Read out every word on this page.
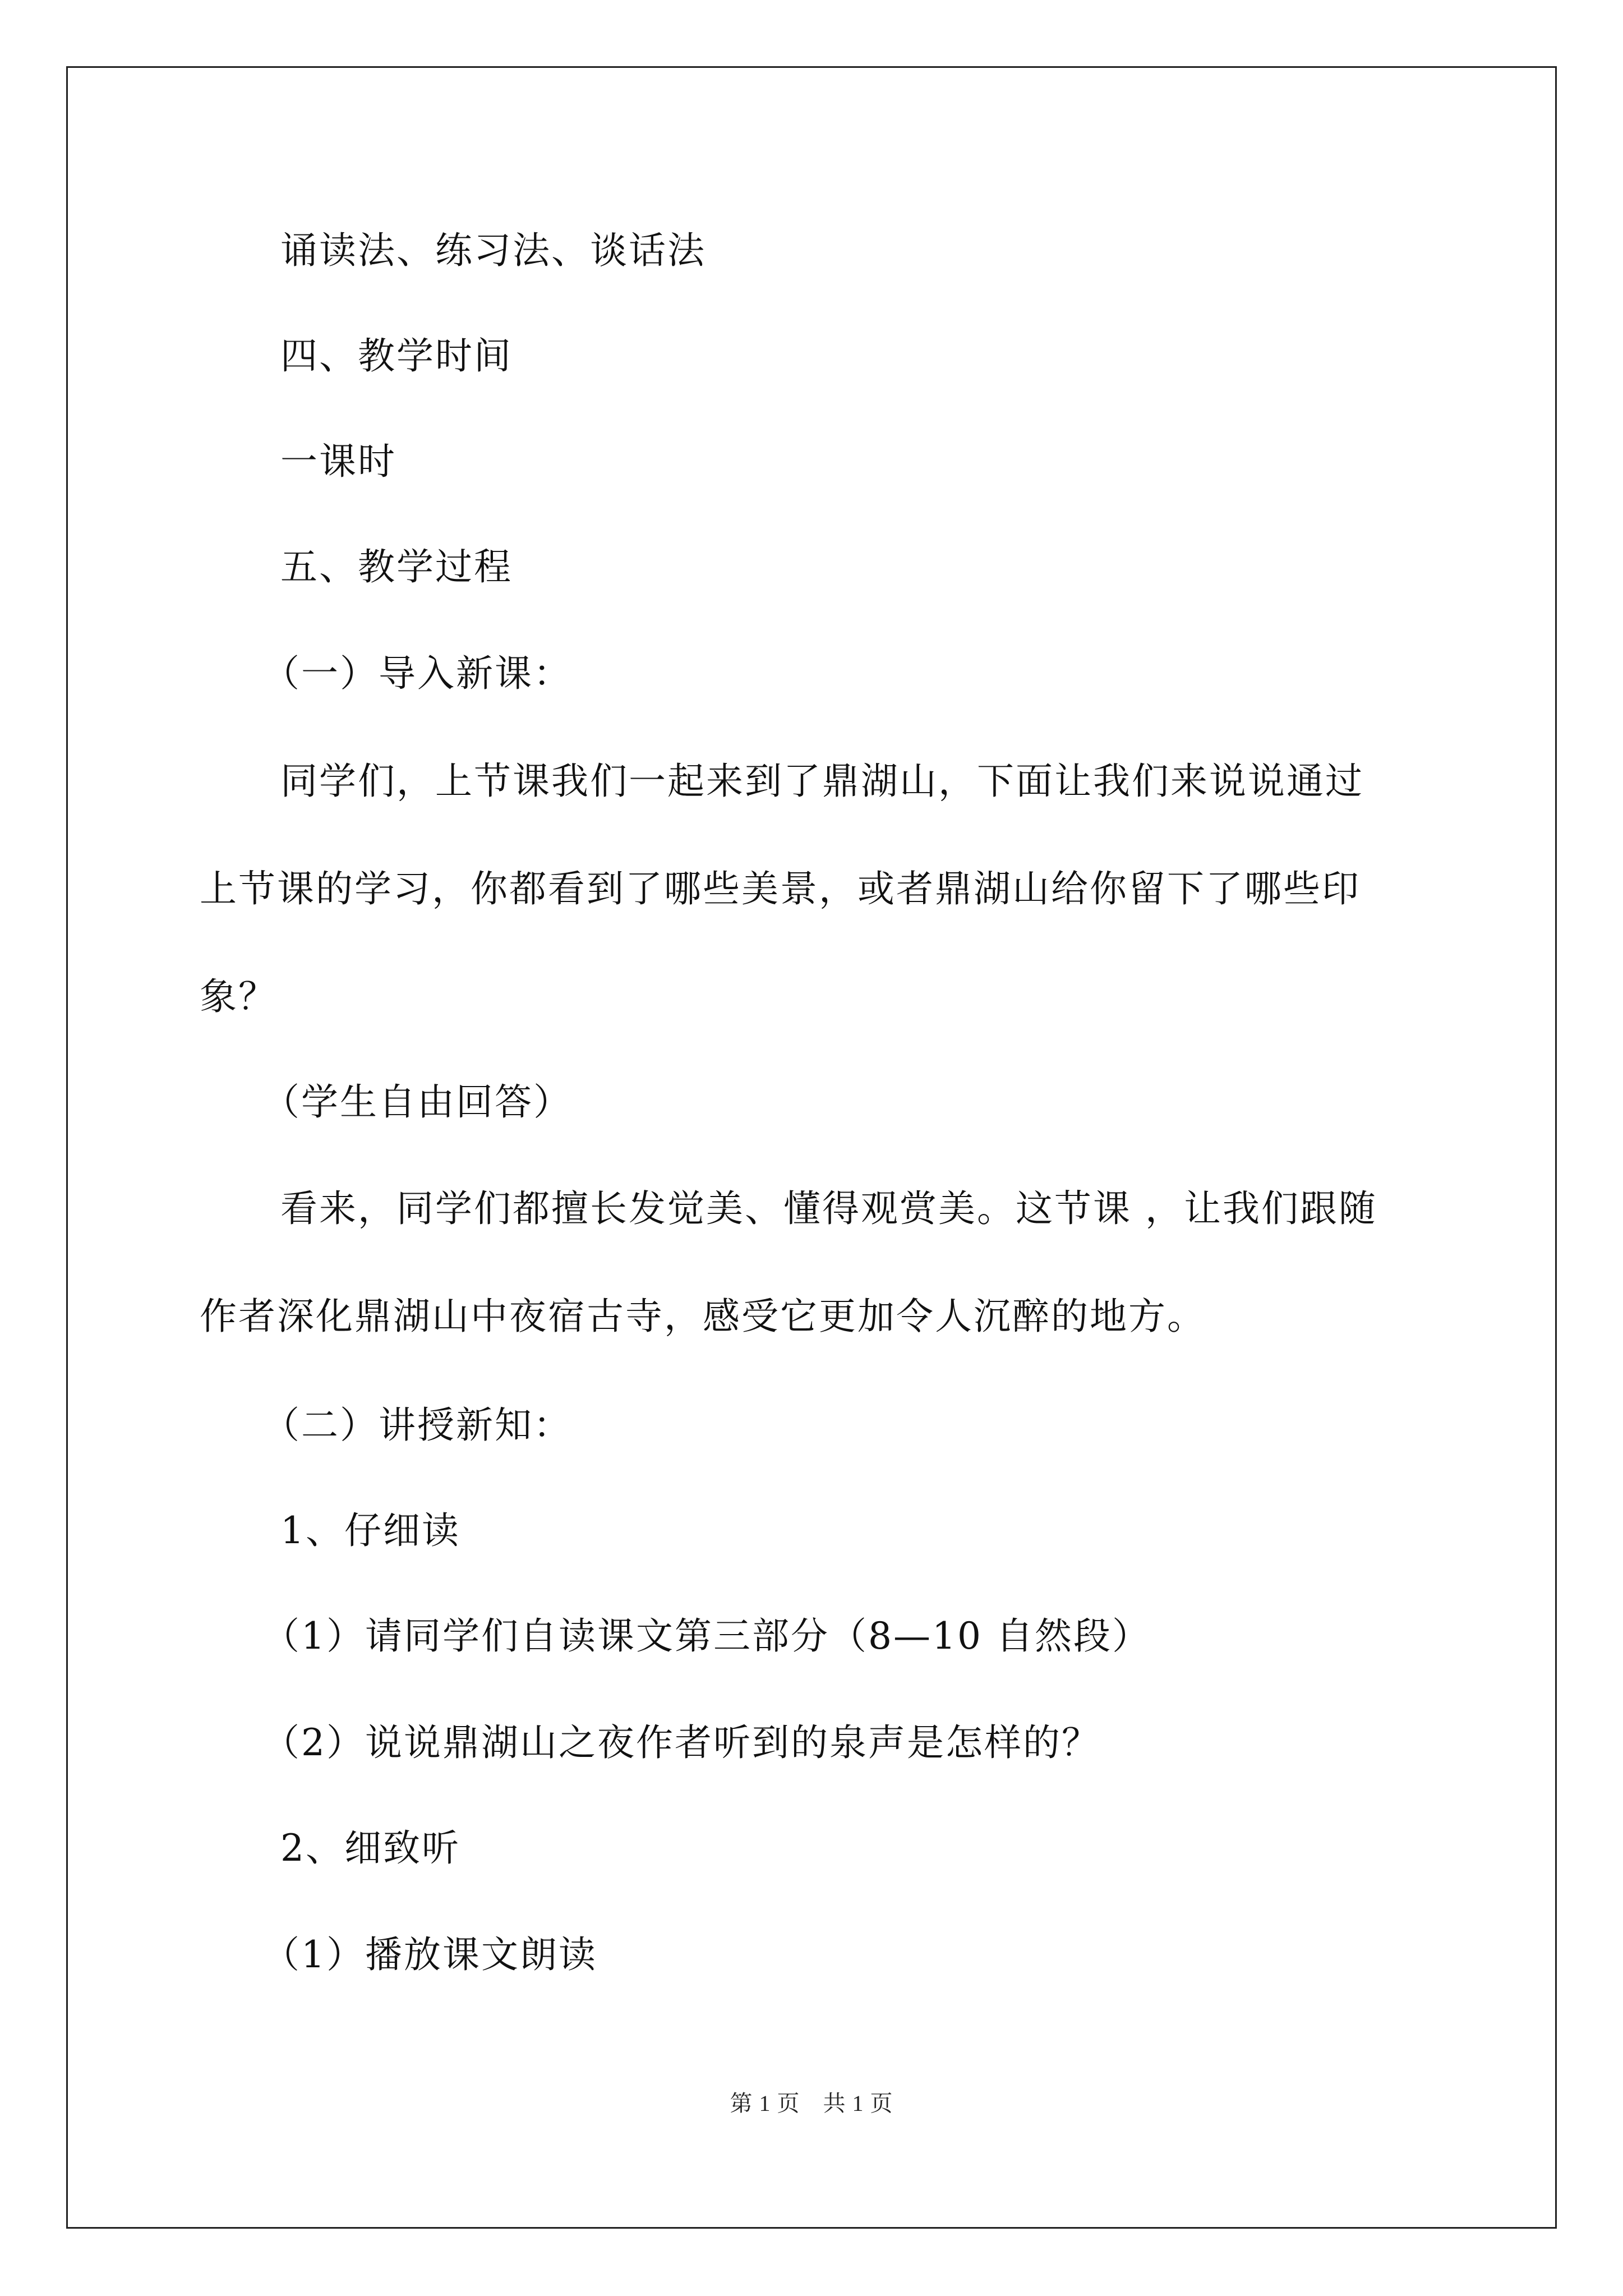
诵读法、练习法、谈话法
四、教学时间
一课时
五、教学过程
（一）导入新课：
同学们，上节课我们一起来到了鼎湖山，下面让我们来说说通过
上节课的学习，你都看到了哪些美景，或者鼎湖山给你留下了哪些印
象？
（学生自由回答）
看来，同学们都擅长发觉美、懂得观赏美。这节课 ，让我们跟随
作者深化鼎湖山中夜宿古寺，感受它更加令人沉醉的地方。
（二）讲授新知：
1、仔细读
（1）请同学们自读课文第三部分（8—10 自然段）
（2）说说鼎湖山之夜作者听到的泉声是怎样的？
2、细致听
（1）播放课文朗读
第 1 页　共 1 页
